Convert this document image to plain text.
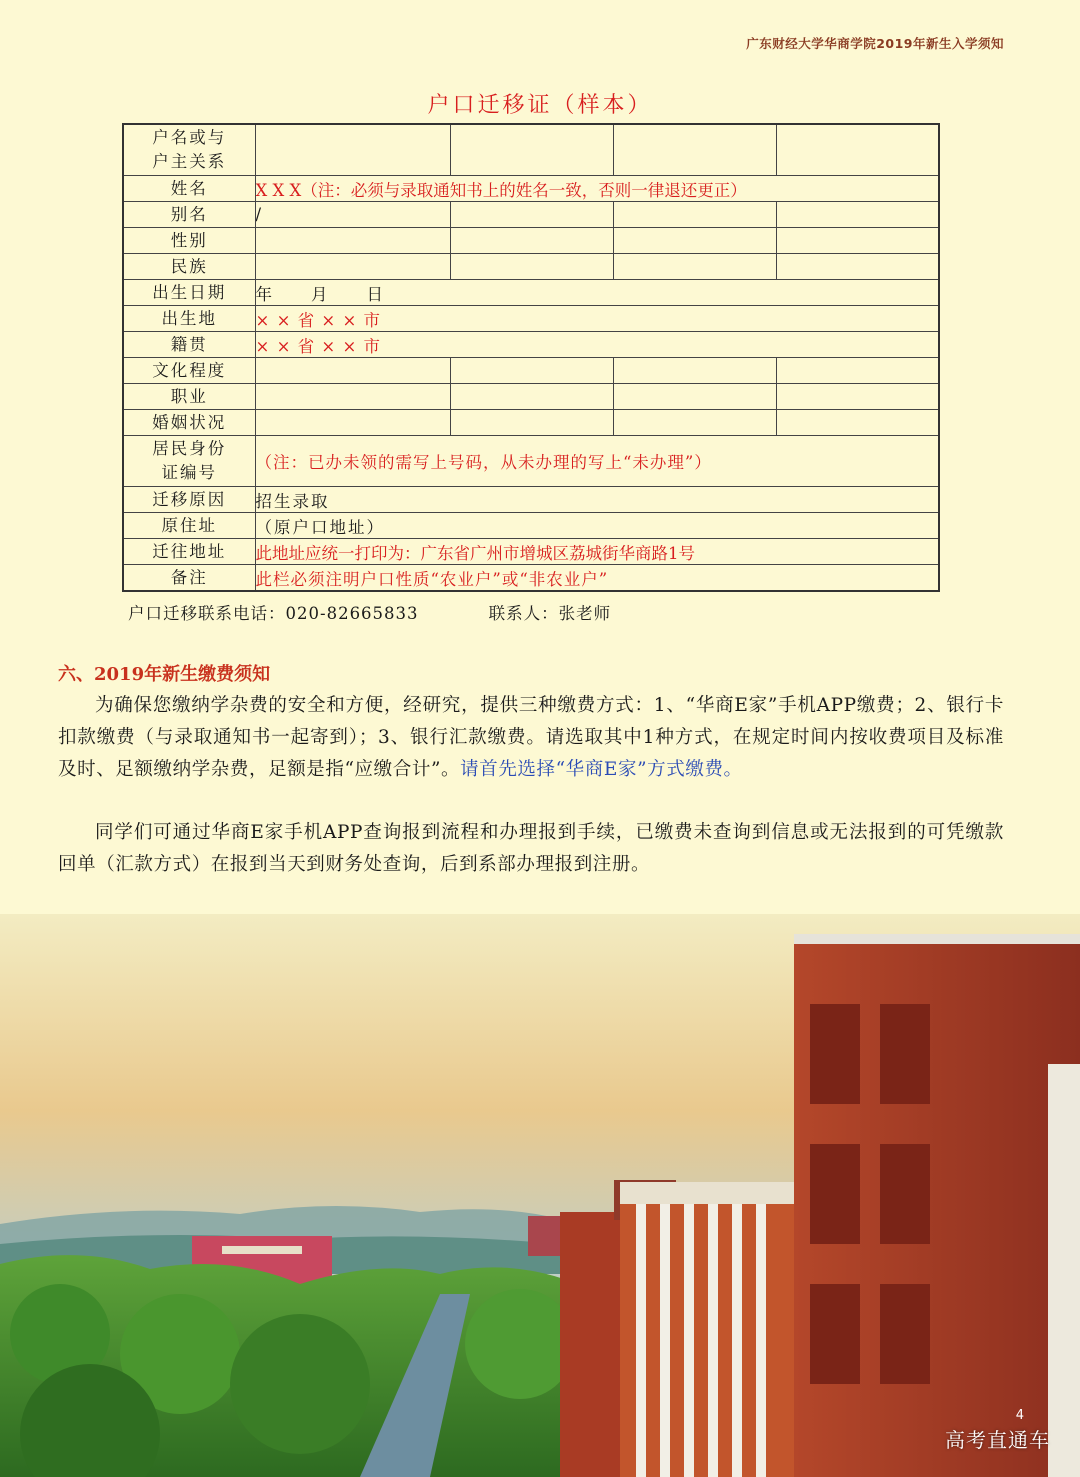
广东财经大学华商学院2019年新生入学须知
户口迁移证（样本）
户名或与
户主关系				

姓名	X X X（注：必须与录取通知书上的姓名一致，否则一律退还更正）			
别名	/			
性别				
民族				
出生日期	年　　月　　日			
出生地	× × 省 × × 市			
籍贯	× × 省 × × 市			
文化程度				
职业				
婚姻状况				

居民身份
证编号	（注：已办未领的需写上号码，从未办理的写上“未办理”）			
迁移原因	招生录取			
原住址	（原户口地址）			
迁往地址	此地址应统一打印为：广东省广州市增城区荔城街华商路1号			
备注	此栏必须注明户口性质“农业户”或“非农业户”			
户口迁移联系电话：020-82665833	联系人：张老师
六、2019年新生缴费须知

为确保您缴纳学杂费的安全和方便，经研究，提供三种缴费方式：1、“华商E家”手机APP缴费；2、银行卡扣款缴费（与录取通知书一起寄到）；3、银行汇款缴费。请选取其中1种方式，在规定时间内按收费项目及标准及时、足额缴纳学杂费，足额是指“应缴合计”。请首先选择“华商E家”方式缴费。

同学们可通过华商E家手机APP查询报到流程和办理报到手续，已缴费未查询到信息或无法报到的可凭缴款回单（汇款方式）在报到当天到财务处查询，后到系部办理报到注册。

4
高考直通车
